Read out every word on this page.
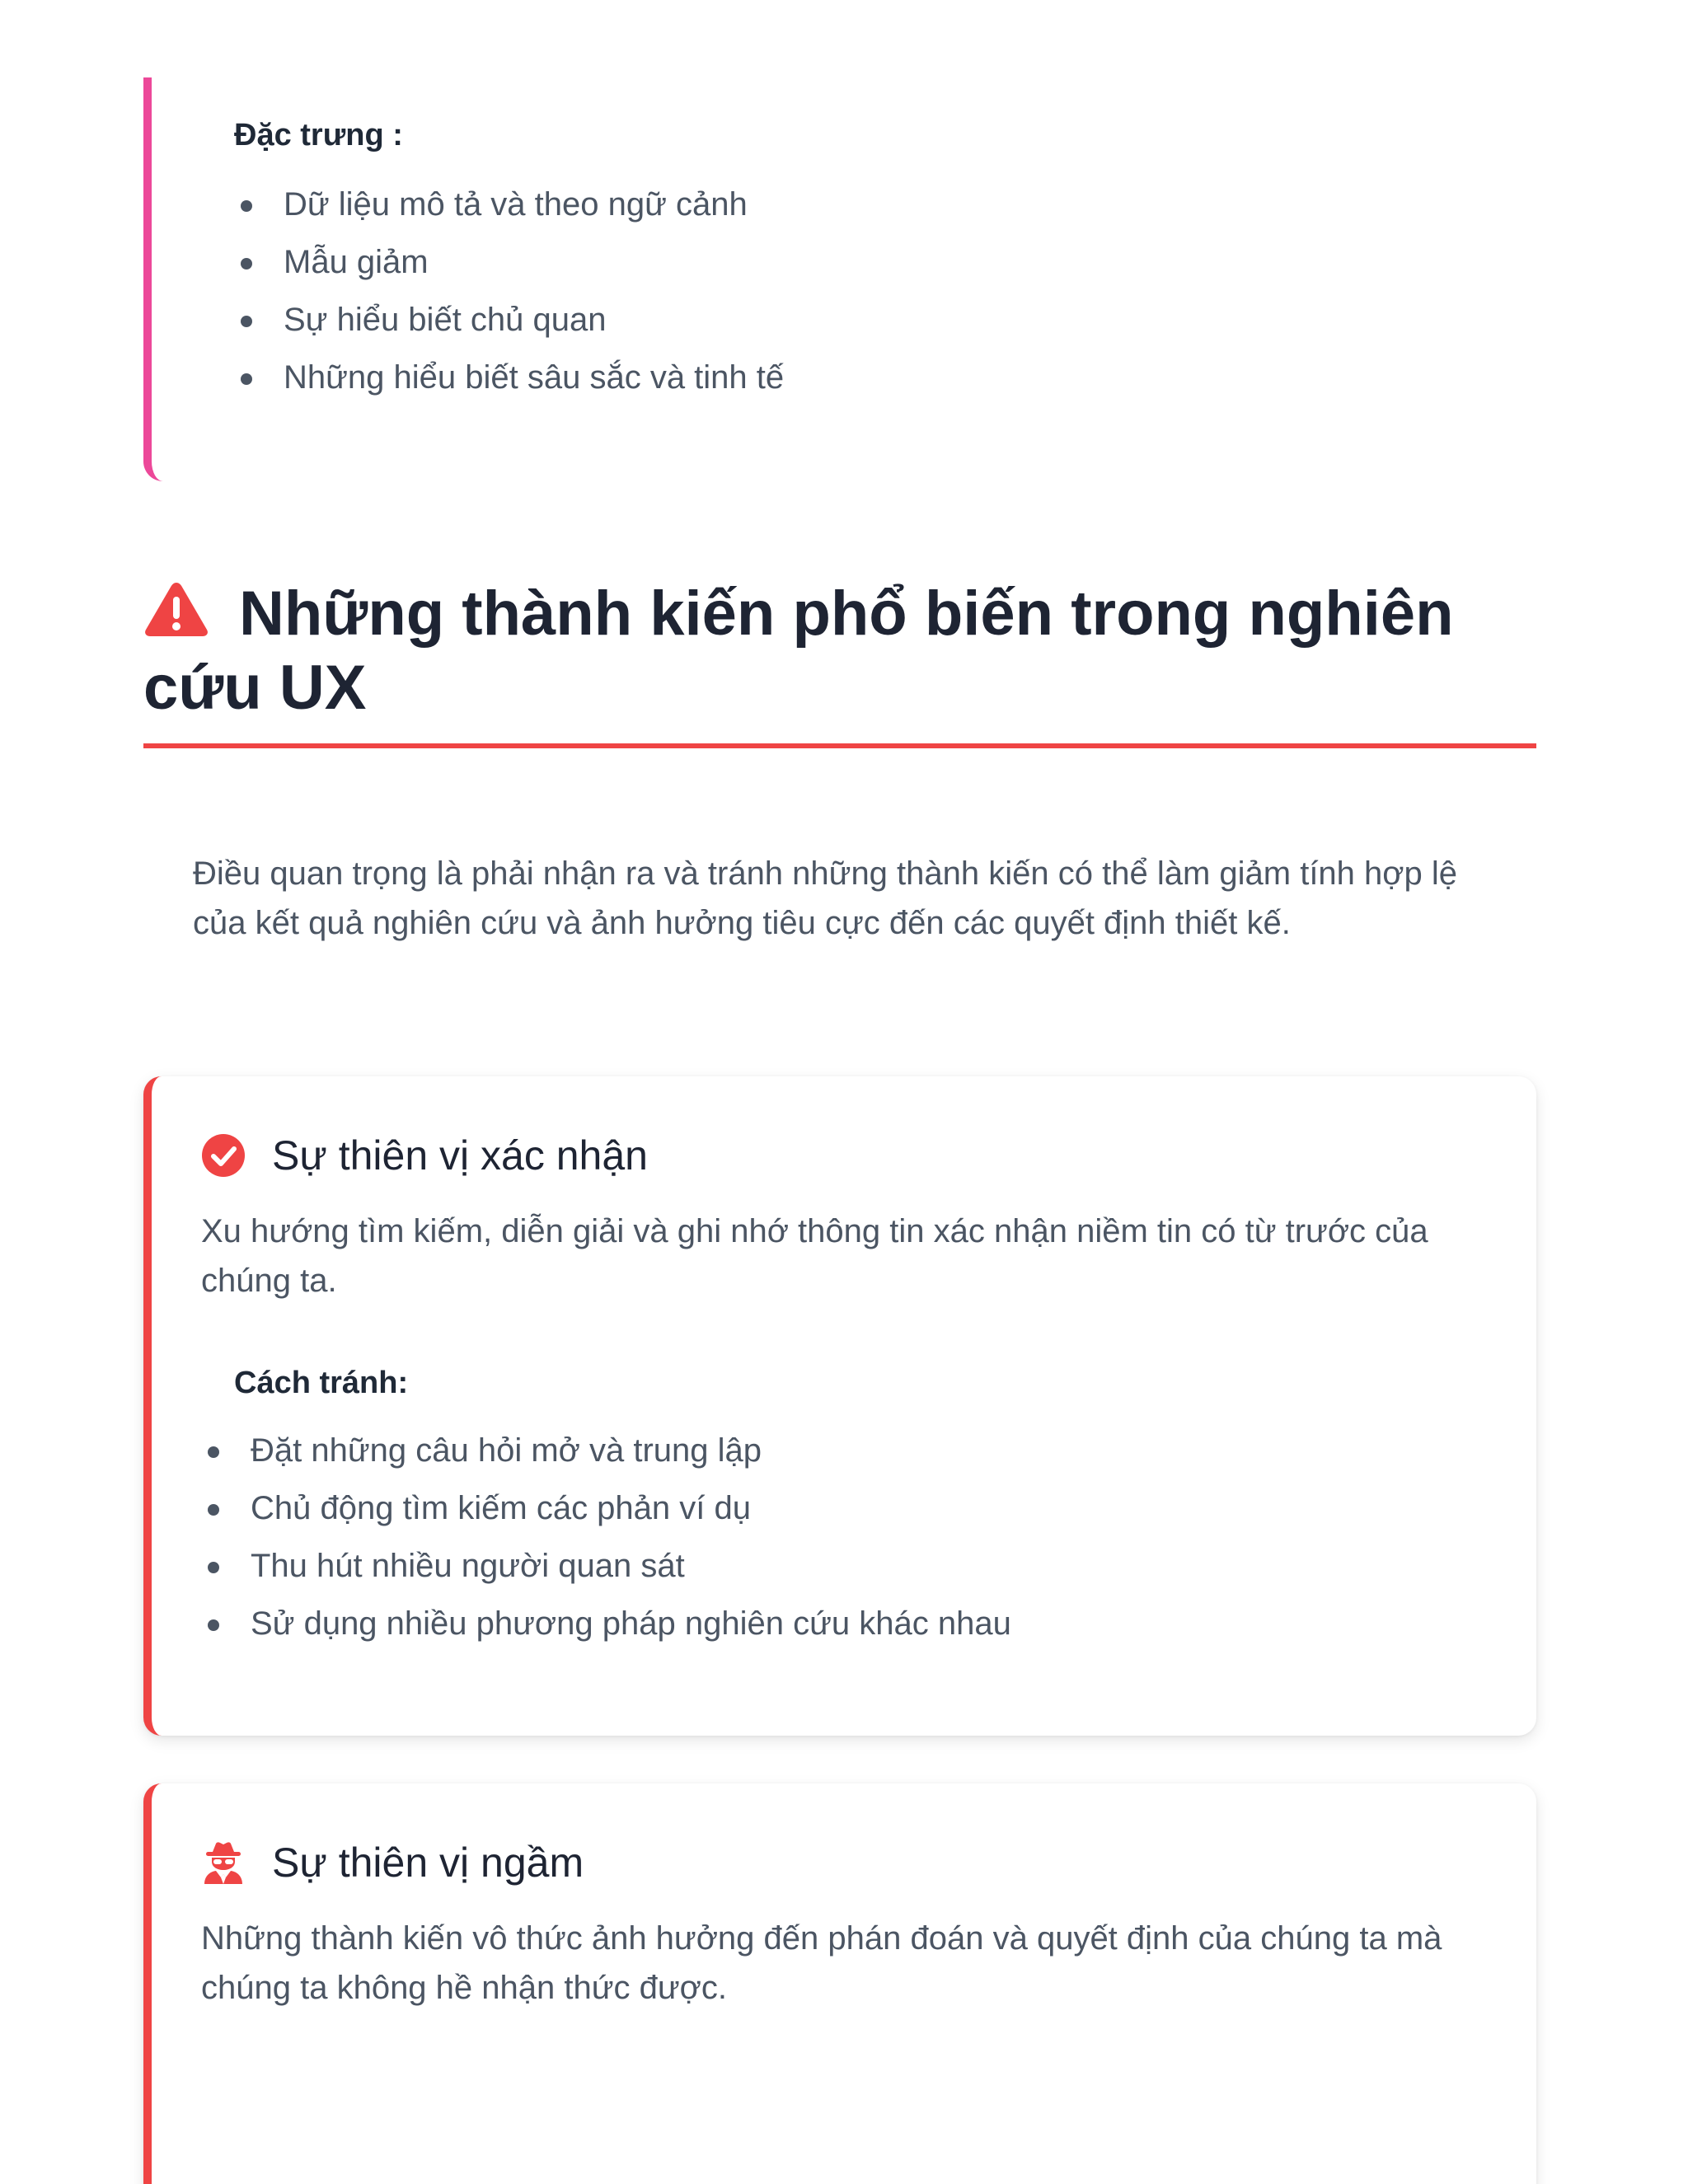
Đặc trưng :
Dữ liệu mô tả và theo ngữ cảnh
Mẫu giảm
Sự hiểu biết chủ quan
Những hiểu biết sâu sắc và tinh tế
Những thành kiến phổ biến trong nghiên cứu UX

Điều quan trọng là phải nhận ra và tránh những thành kiến có thể làm giảm tính hợp lệ của kết quả nghiên cứu và ảnh hưởng tiêu cực đến các quyết định thiết kế.

Sự thiên vị xác nhận

Xu hướng tìm kiếm, diễn giải và ghi nhớ thông tin xác nhận niềm tin có từ trước của chúng ta.

Cách tránh:
Đặt những câu hỏi mở và trung lập
Chủ động tìm kiếm các phản ví dụ
Thu hút nhiều người quan sát
Sử dụng nhiều phương pháp nghiên cứu khác nhau
Sự thiên vị ngầm

Những thành kiến vô thức ảnh hưởng đến phán đoán và quyết định của chúng ta mà chúng ta không hề nhận thức được.
